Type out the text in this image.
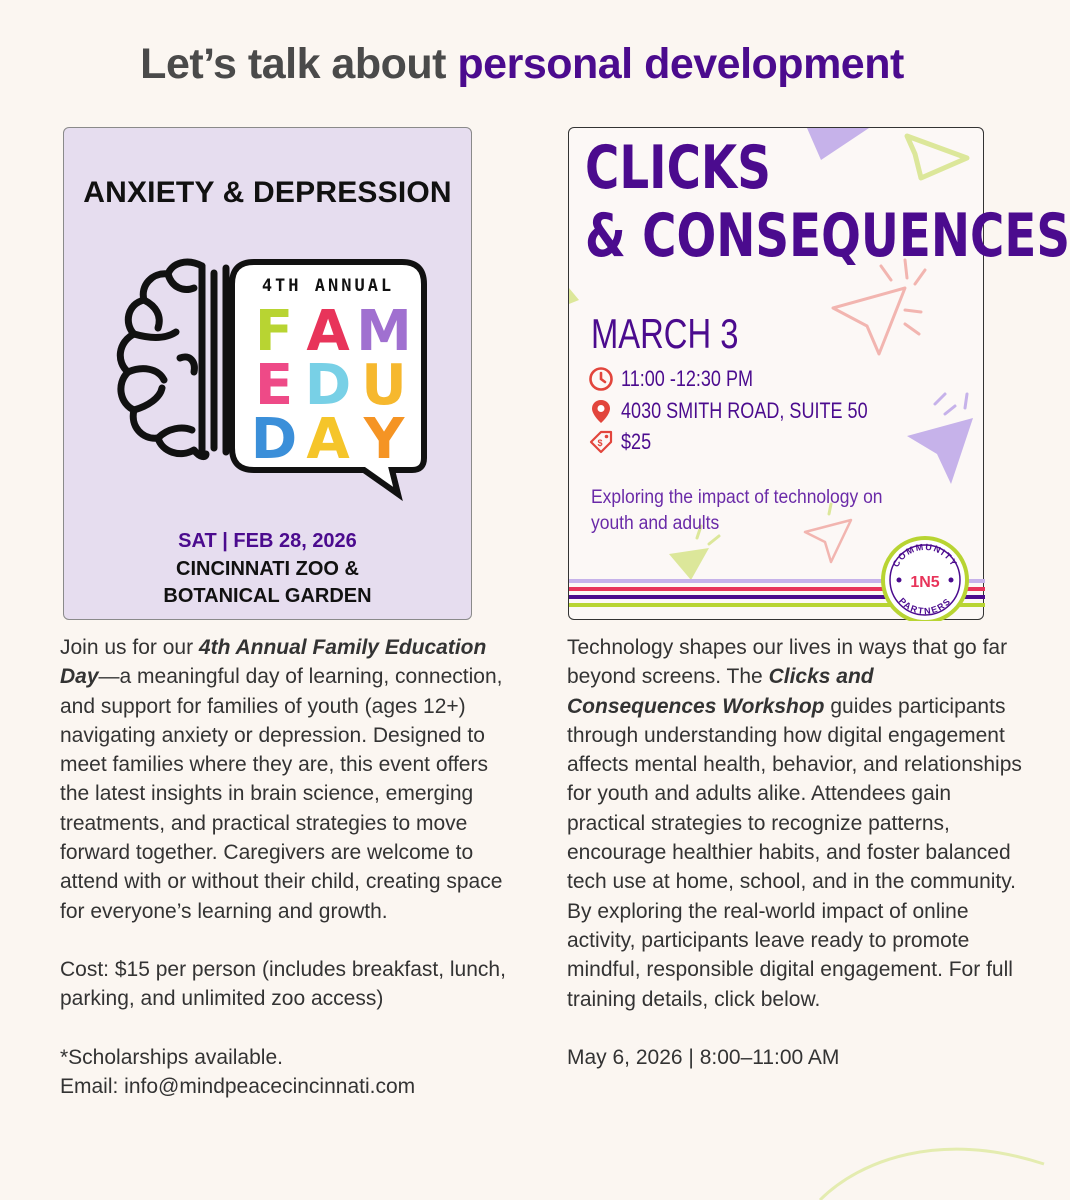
Let’s talk about personal development
ANXIETY & DEPRESSION
4TH ANNUAL
F A M
E D U
D A Y
SAT | FEB 28, 2026
CINCINNATI ZOO &
BOTANICAL GARDEN
COMMUNITY
PARTNERS
1N5
CLICKS
& CONSEQUENCES
MARCH 3
11:00 -12:30 PM
4030 SMITH ROAD, SUITE 50
$ $25
Exploring the impact of technology on youth and adults

Join us for our 4th Annual Family Education Day—a meaningful day of learning, connection, and support for families of youth (ages 12+) navigating anxiety or depression. Designed to meet families where they are, this event offers the latest insights in brain science, emerging treatments, and practical strategies to move forward together. Caregivers are welcome to attend with or without their child, creating space for everyone’s learning and growth.

Cost: $15 per person (includes breakfast, lunch, parking, and unlimited zoo access)

*Scholarships available.

Email: info@mindpeacecincinnati.com

Technology shapes our lives in ways that go far beyond screens. The Clicks and Consequences Workshop guides participants through understanding how digital engagement affects mental health, behavior, and relationships for youth and adults alike. Attendees gain practical strategies to recognize patterns, encourage healthier habits, and foster balanced tech use at home, school, and in the community. By exploring the real-world impact of online activity, participants leave ready to promote mindful, responsible digital engagement. For full training details, click below.

May 6, 2026 | 8:00–11:00 AM
